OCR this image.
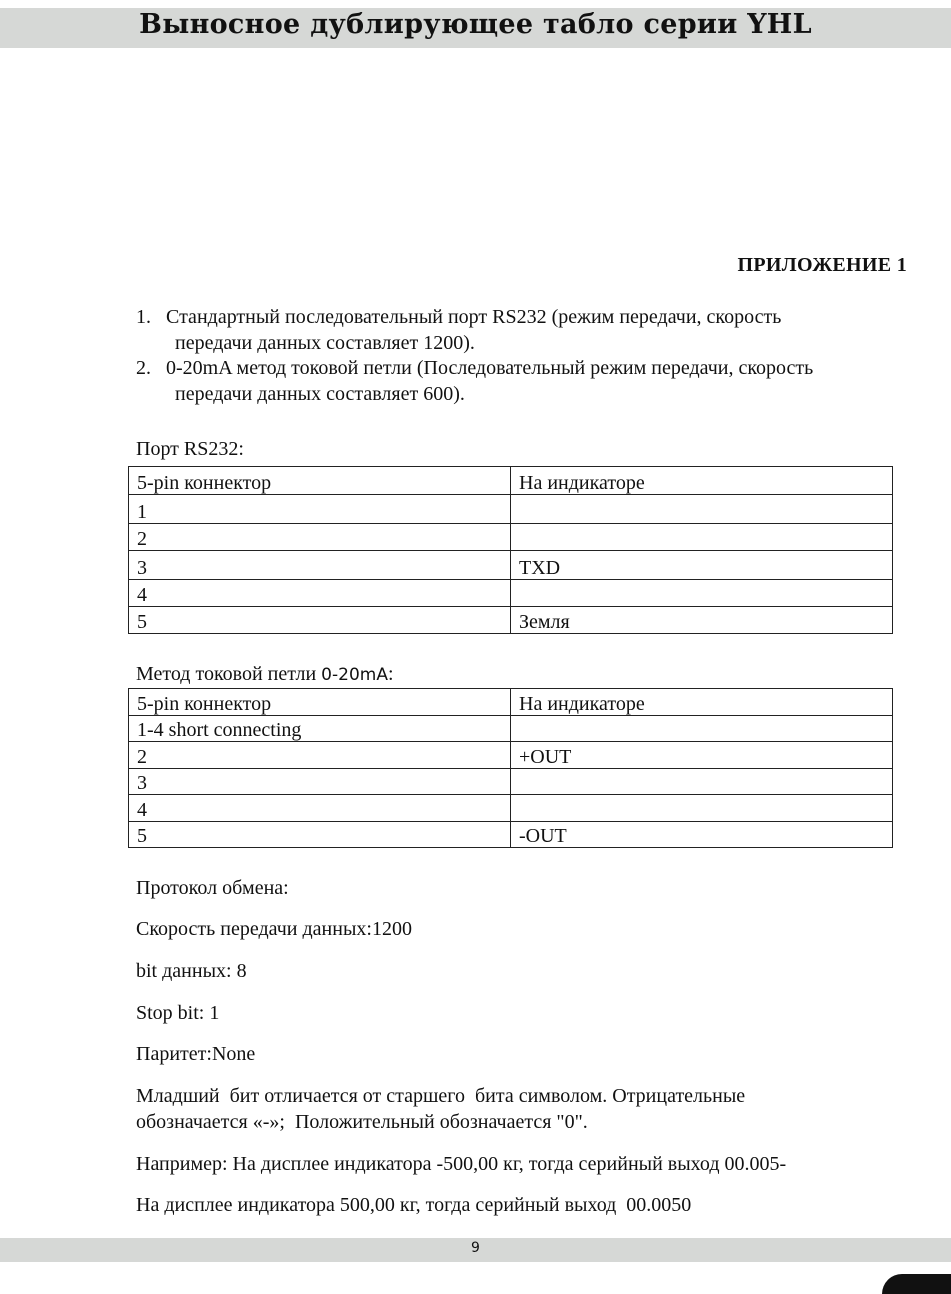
Выносное дублирующее табло серии YHL
ПРИЛОЖЕНИЕ 1
1. Стандартный последовательный порт RS232 (режим передачи, скорость
передачи данных составляет 1200).
2. 0-20mA метод токовой петли (Последовательный режим передачи, скорость
передачи данных составляет 600).
Порт RS232:
5-pin коннектор	На индикаторе
1	
2	
3	TXD
4	
5	Земля
Метод токовой петли 0-20mA:
5-pin коннектор	На индикаторе
1-4 short connecting	
2	+OUT
3	
4	
5	-OUT
Протокол обмена:
Скорость передачи данных:1200
bit данных: 8
Stop bit: 1
Паритет:None
Младший  бит отличается от старшего  бита символом. Отрицательные
обозначается «-»;  Положительный обозначается "0".
Например: На дисплее индикатора -500,00 кг, тогда серийный выход 00.005-
На дисплее индикатора 500,00 кг, тогда серийный выход  00.0050
9
